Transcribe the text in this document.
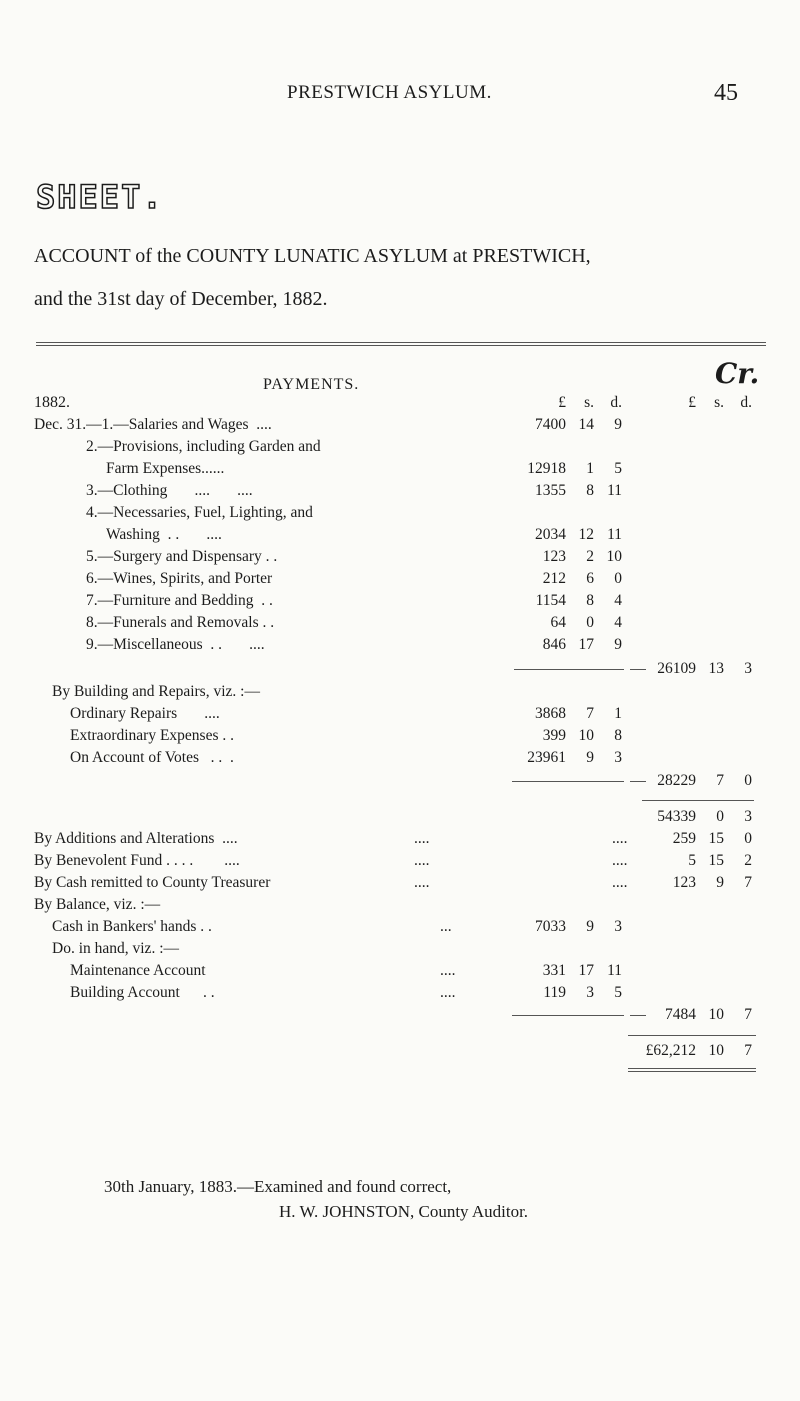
PRESTWICH ASYLUM.

	45

SHEET.
ACCOUNT of the COUNTY LUNATIC ASYLUM at PRESTWICH,
and the 31st day of December, 1882.
Cr.
PAYMENTS.
1882.	£	s.	d.	£	s.	d.
Dec. 31.—1.—Salaries and Wages  ....	7400 14	9
2.—Provisions, including Garden and
Farm Expenses......	12918	1	5
3.—Clothing       ....       ....	1355	8 11
4.—Necessaries, Fuel, Lighting, and
Washing  . .       ....	2034 12 11
5.—Surgery and Dispensary . .	123	2 10
6.—Wines, Spirits, and Porter	212	6	0
7.—Furniture and Bedding  . .	1154	8	4
8.—Funerals and Removals . .	64	0	4
9.—Miscellaneous  . .       ....	846 17	9
26109 13	3
By Building and Repairs, viz. :—
Ordinary Repairs       ....	3868	7	1
Extraordinary Expenses . .	399 10	8
On Account of Votes   . .  .	23961	9	3
28229	7	0
54339	0	3
By Additions and Alterations  ....	....	....	259 15	0
By Benevolent Fund . . . .        ....	....	....	5 15	2
By Cash remitted to County Treasurer	....	....	123	9	7
By Balance, viz. :—
Cash in Bankers' hands . .	...	7033	9	3
Do. in hand, viz. :—
Maintenance Account	....	331 17 11
Building Account      . .	....	119	3	5
7484 10	7
£62,212 10	7
30th January, 1883.—Examined and found correct,
H. W. JOHNSTON, County Auditor.
